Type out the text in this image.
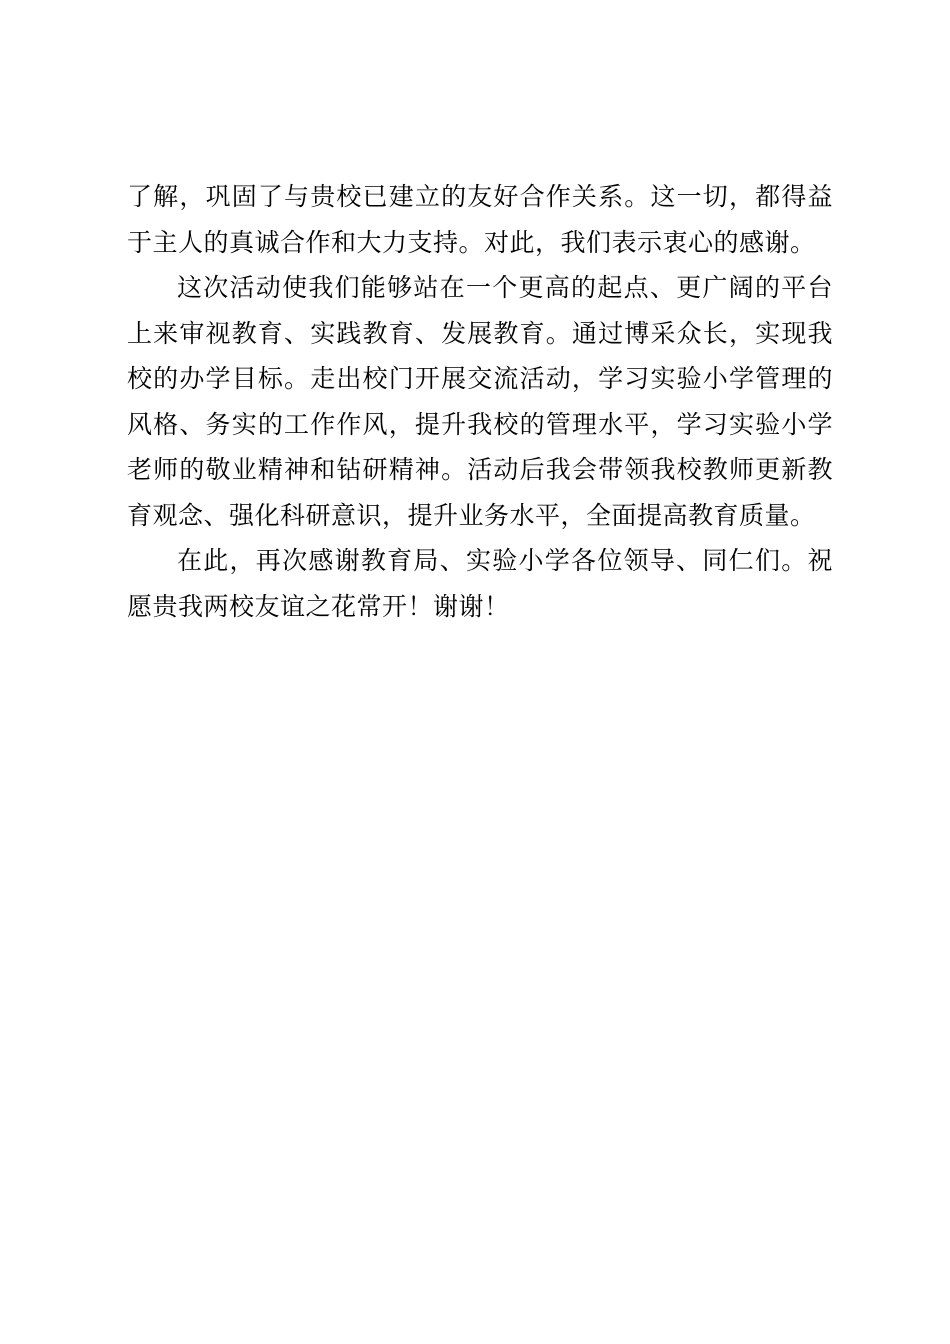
了解，巩固了与贵校已建立的友好合作关系。这一切，都得益于主人的真诚合作和大力支持。对此，我们表示衷心的感谢。

这次活动使我们能够站在一个更高的起点、更广阔的平台上来审视教育、实践教育、发展教育。通过博采众长，实现我校的办学目标。走出校门开展交流活动，学习实验小学管理的风格、务实的工作作风，提升我校的管理水平，学习实验小学老师的敬业精神和钻研精神。活动后我会带领我校教师更新教育观念、强化科研意识，提升业务水平，全面提高教育质量。

在此，再次感谢教育局、实验小学各位领导、同仁们。祝愿贵我两校友谊之花常开！谢谢！
